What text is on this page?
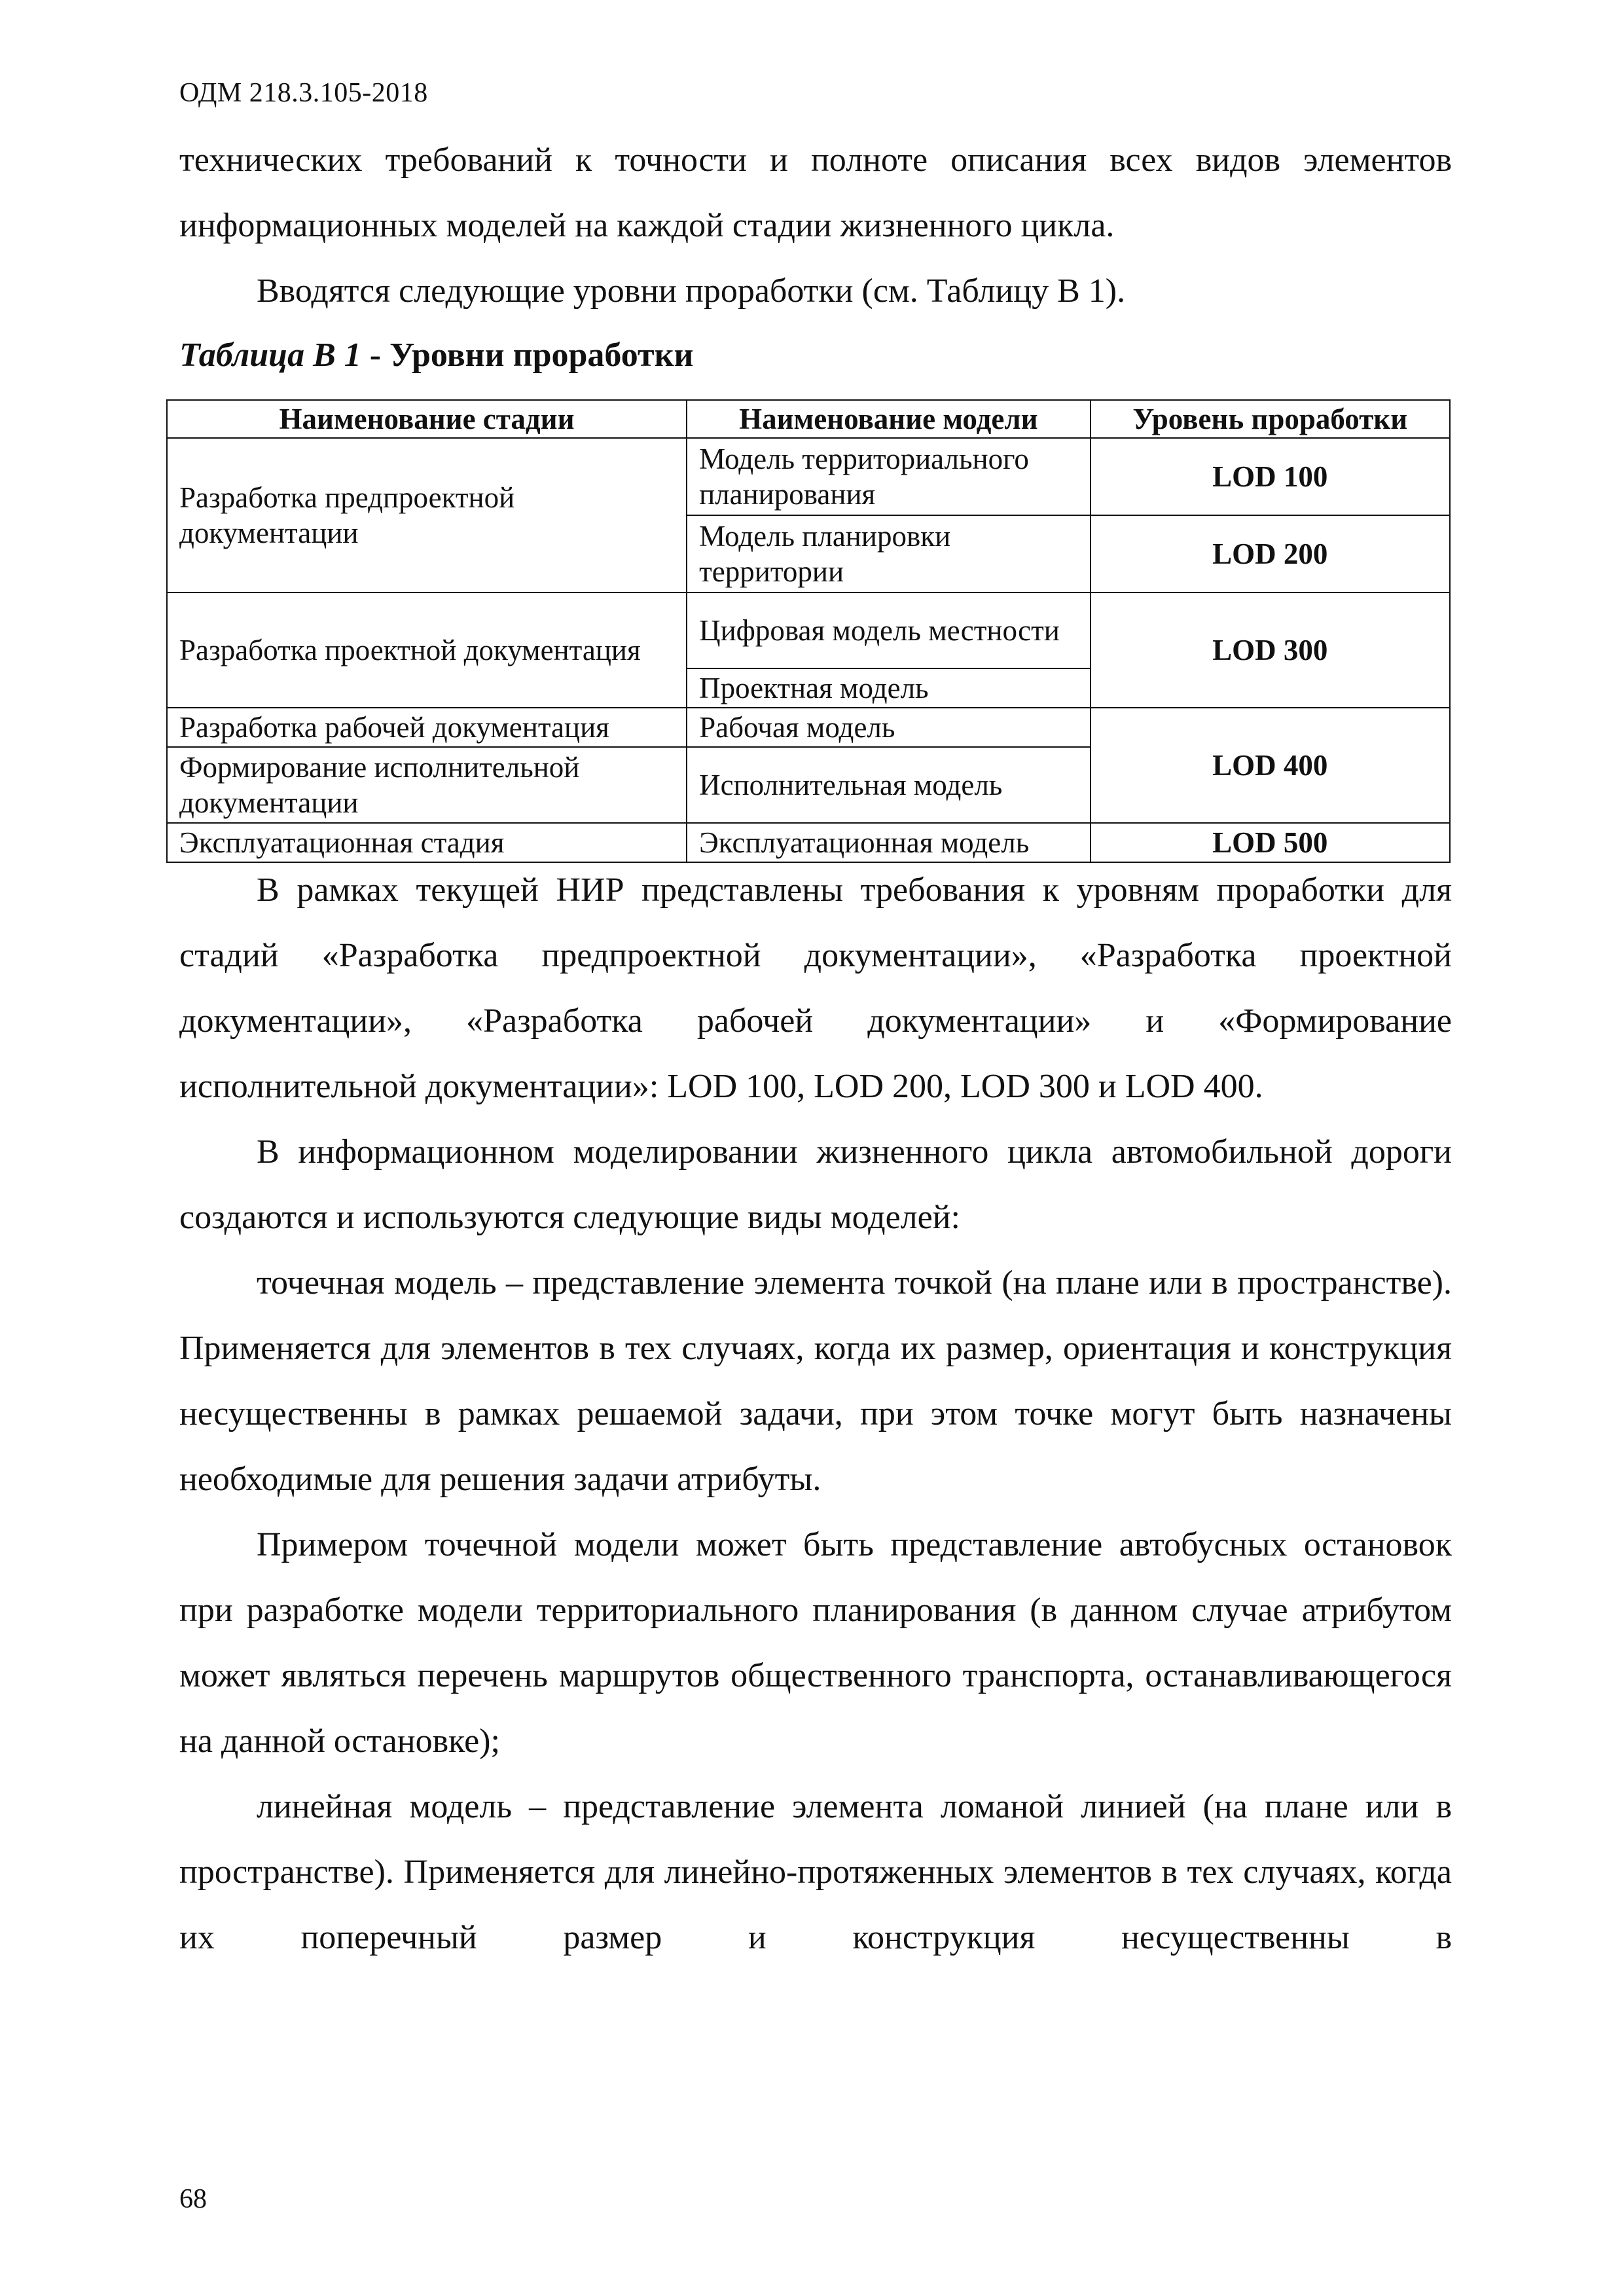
ОДМ 218.3.105-2018

технических требований к точности и полноте описания всех видов элементов информационных моделей на каждой стадии жизненного цикла.

Вводятся следующие уровни проработки (см. Таблицу В 1).

Таблица В 1 - Уровни проработки
Наименование стадии	Наименование модели	Уровень проработки
Разработка предпроектной документации	Модель территориального планирования	LOD 100
	Модель планировки территории	LOD 200
Разработка проектной документация	Цифровая модель местности	LOD 300
	Проектная модель	
Разработка рабочей документация	Рабочая модель	LOD 400
Формирование исполнительной документации	Исполнительная модель	
Эксплуатационная стадия	Эксплуатационная модель	LOD 500

В рамках текущей НИР представлены требования к уровням проработки для стадий «Разработка предпроектной документации», «Разработка проектной документации», «Разработка рабочей документации» и «Формирование исполнительной документации»: LOD 100, LOD 200, LOD 300 и LOD 400.

В информационном моделировании жизненного цикла автомобильной дороги создаются и используются следующие виды моделей:

точечная модель – представление элемента точкой (на плане или в пространстве). Применяется для элементов в тех случаях, когда их размер, ориентация и конструкция несущественны в рамках решаемой задачи, при этом точке могут быть назначены необходимые для решения задачи атрибуты.

Примером точечной модели может быть представление автобусных остановок при разработке модели территориального планирования (в данном случае атрибутом может являться перечень маршрутов общественного транспорта, останавливающегося на данной остановке);

линейная модель – представление элемента ломаной линией (на плане или в пространстве). Применяется для линейно-протяженных элементов в тех случаях, когда их поперечный размер и конструкция несущественны в

68
